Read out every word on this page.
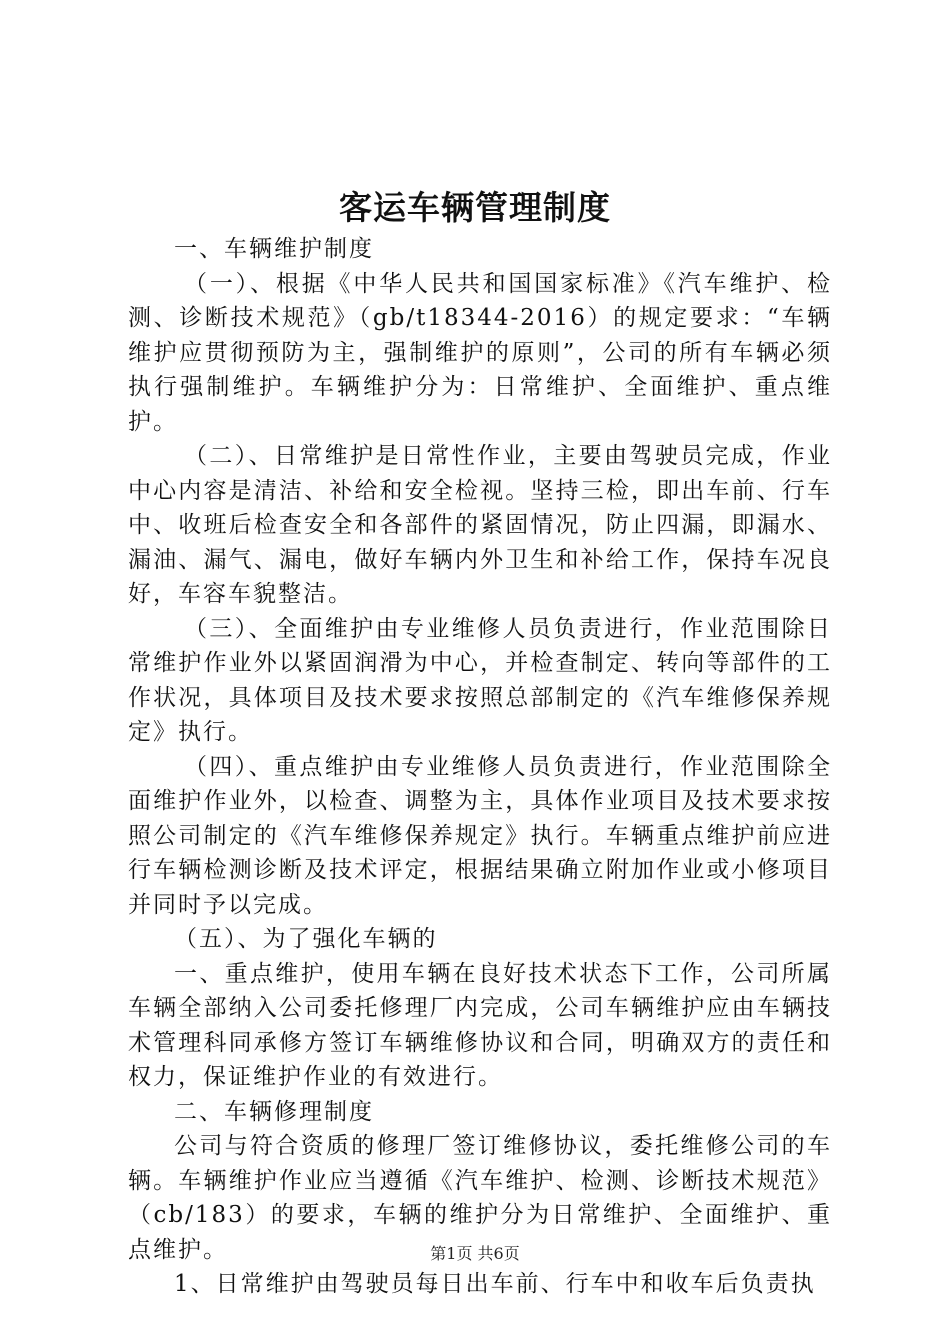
客运车辆管理制度

一、车辆维护制度

（一）、根据《中华人民共和国国家标准》《汽车维护、检测、诊断技术规范》（gb/t18344-2016）的规定要求：“车辆维护应贯彻预防为主，强制维护的原则”，公司的所有车辆必须执行强制维护。车辆维护分为：日常维护、全面维护、重点维护。

（二）、日常维护是日常性作业，主要由驾驶员完成，作业中心内容是清洁、补给和安全检视。坚持三检，即出车前、行车中、收班后检查安全和各部件的紧固情况，防止四漏，即漏水、漏油、漏气、漏电，做好车辆内外卫生和补给工作，保持车况良好，车容车貌整洁。

（三）、全面维护由专业维修人员负责进行，作业范围除日常维护作业外以紧固润滑为中心，并检查制定、转向等部件的工作状况，具体项目及技术要求按照总部制定的《汽车维修保养规定》执行。

（四）、重点维护由专业维修人员负责进行，作业范围除全面维护作业外，以检查、调整为主，具体作业项目及技术要求按照公司制定的《汽车维修保养规定》执行。车辆重点维护前应进行车辆检测诊断及技术评定，根据结果确立附加作业或小修项目并同时予以完成。

（五）、为了强化车辆的

一、重点维护，使用车辆在良好技术状态下工作，公司所属车辆全部纳入公司委托修理厂内完成，公司车辆维护应由车辆技术管理科同承修方签订车辆维修协议和合同，明确双方的责任和权力，保证维护作业的有效进行。

二、车辆修理制度

公司与符合资质的修理厂签订维修协议，委托维修公司的车辆。车辆维护作业应当遵循《汽车维护、检测、诊断技术规范》（cb/183）的要求，车辆的维护分为日常维护、全面维护、重点维护。

1、日常维护由驾驶员每日出车前、行车中和收车后负责执

第1页 共6页
